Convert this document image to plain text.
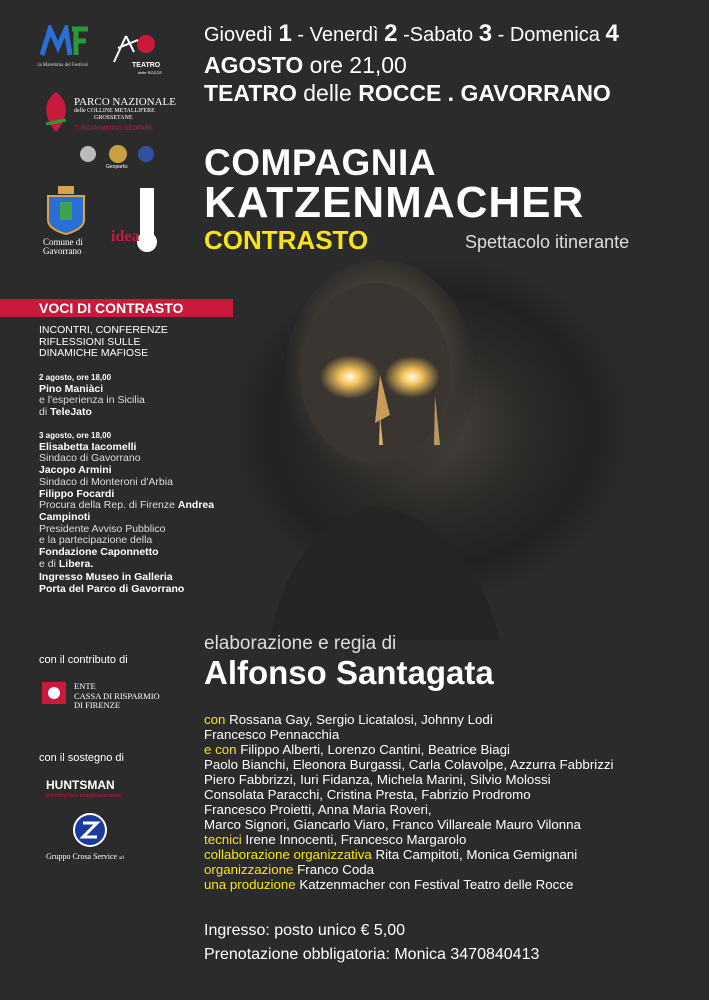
la Maremma del Festival	TEATRO
delle ROCCE
PARCO NAZIONALE
delle COLLINE METALLIFERE
GROSSETANE
TUSCAN MINING GEOPARK
Geoparks
Comune di
Gavorrano
idea
Giovedì 1 - Venerdì 2 -Sabato 3 - Domenica 4
AGOSTO ore 21,00
TEATRO delle ROCCE . GAVORRANO
COMPAGNIA
KATZENMACHER
CONTRASTO	Spettacolo itinerante
VOCI DI CONTRASTO
INCONTRI, CONFERENZE
RIFLESSIONI SULLE
DINAMICHE MAFIOSE
2 agosto, ore 18,00
Pino Maniàci
e l'esperienza in Sicilia
di TeleJato
3 agosto, ore 18,00
Elisabetta Iacomelli
Sindaco di Gavorrano
Jacopo Armini
Sindaco di Monteroni d'Arbia
Filippo Focardi
Procura della Rep. di Firenze Andrea
Campinoti
Presidente Avviso Pubblico
e la partecipazione della
Fondazione Caponnetto
e di Libera.
Ingresso Museo in Galleria
Porta del Parco di Gavorrano
con il contributo di
ENTE
CASSA DI RISPARMIO
DI FIRENZE
con il sostegno di
HUNTSMAN
Enriching lives through innovation
Gruppo Crosa Service srl
elaborazione e regia di
Alfonso Santagata
con Rossana Gay, Sergio Licatalosi, Johnny Lodi
Francesco Pennacchia
e con Filippo Alberti, Lorenzo Cantini, Beatrice Biagi
Paolo Bianchi, Eleonora Burgassi, Carla Colavolpe, Azzurra Fabbrizzi
Piero Fabbrizzi, Iuri Fidanza, Michela Marini, Silvio Molossi
Consolata Paracchi, Cristina Presta, Fabrizio Prodromo
Francesco Proietti, Anna Maria Roveri,
Marco Signori, Giancarlo Viaro, Franco Villareale Mauro Vilonna
tecnici Irene Innocenti, Francesco Margarolo
collaborazione organizzativa Rita Campitoti, Monica Gemignani
organizzazione Franco Coda
una produzione Katzenmacher con Festival Teatro delle Rocce
Ingresso: posto unico € 5,00
Prenotazione obbligatoria: Monica 3470840413
